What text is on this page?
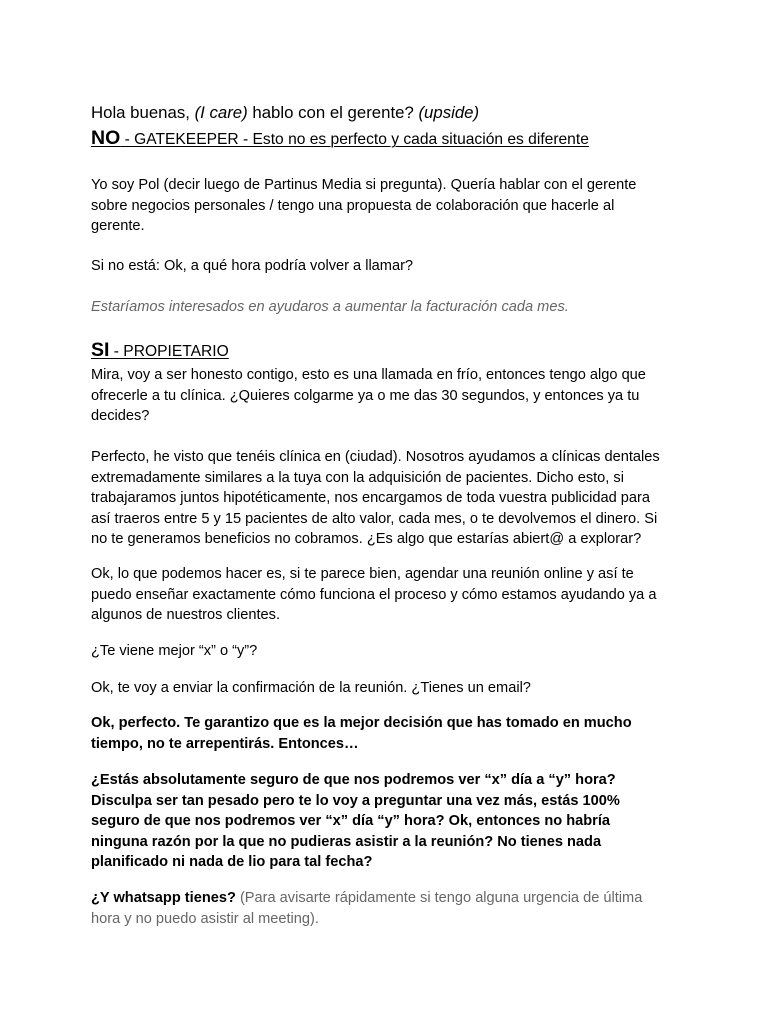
Hola buenas, (I care) hablo con el gerente? (upside)
NO - GATEKEEPER - Esto no es perfecto y cada situación es diferente
Yo soy Pol (decir luego de Partinus Media si pregunta). Quería hablar con el gerente
sobre negocios personales / tengo una propuesta de colaboración que hacerle al
gerente.
Si no está: Ok, a qué hora podría volver a llamar?
Estaríamos interesados en ayudaros a aumentar la facturación cada mes.
SI - PROPIETARIO
Mira, voy a ser honesto contigo, esto es una llamada en frío, entonces tengo algo que
ofrecerle a tu clínica. ¿Quieres colgarme ya o me das 30 segundos, y entonces ya tu
decides?
Perfecto, he visto que tenéis clínica en (ciudad). Nosotros ayudamos a clínicas dentales
extremadamente similares a la tuya con la adquisición de pacientes. Dicho esto, si
trabajaramos juntos hipotéticamente, nos encargamos de toda vuestra publicidad para
así traeros entre 5 y 15 pacientes de alto valor, cada mes, o te devolvemos el dinero. Si
no te generamos beneficios no cobramos. ¿Es algo que estarías abiert@ a explorar?
Ok, lo que podemos hacer es, si te parece bien, agendar una reunión online y así te
puedo enseñar exactamente cómo funciona el proceso y cómo estamos ayudando ya a
algunos de nuestros clientes.
¿Te viene mejor “x” o “y”?
Ok, te voy a enviar la confirmación de la reunión. ¿Tienes un email?
Ok, perfecto. Te garantizo que es la mejor decisión que has tomado en mucho
tiempo, no te arrepentirás. Entonces…
¿Estás absolutamente seguro de que nos podremos ver “x” día a “y” hora?
Disculpa ser tan pesado pero te lo voy a preguntar una vez más, estás 100%
seguro de que nos podremos ver “x” día “y” hora? Ok, entonces no habría
ninguna razón por la que no pudieras asistir a la reunión? No tienes nada
planificado ni nada de lio para tal fecha?
¿Y whatsapp tienes? (Para avisarte rápidamente si tengo alguna urgencia de última
hora y no puedo asistir al meeting).
